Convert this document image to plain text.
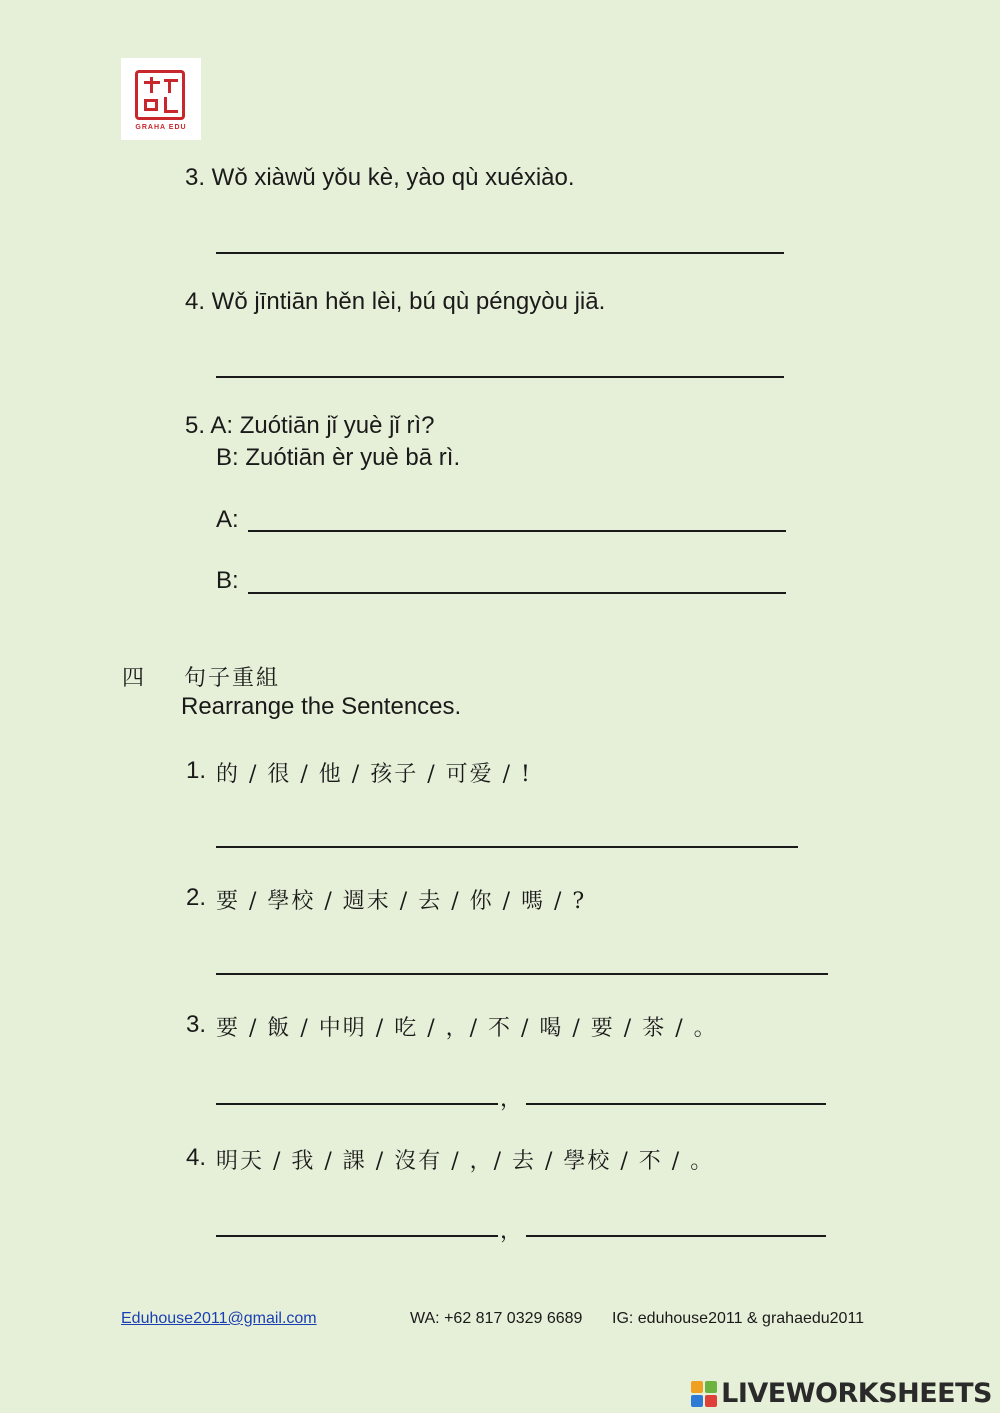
GRAHA EDU
3. Wǒ xiàwǔ yǒu kè, yào qù xuéxiào.
4. Wǒ jīntiān hěn lèi, bú qù péngyòu jiā.
5. A: Zuótiān jǐ yuè jǐ rì?
B: Zuótiān èr yuè bā rì.
A:
B:
四 句子重組
Rearrange the Sentences.
1. 的 / 很 / 他 / 孩子 / 可爱 / !
2. 要 / 學校 / 週末 / 去 / 你 / 嗎 / ?
3. 要 / 飯 / 中明 / 吃 / ，/ 不 / 喝 / 要 / 茶 / 。
，
4. 明天 / 我 / 課 / 沒有 / ，/ 去 / 學校 / 不 / 。
，
Eduhouse2011@gmail.com	WA: +62 817 0329 6689 IG: eduhouse2011 & grahaedu2011
LIVEWORKSHEETS
